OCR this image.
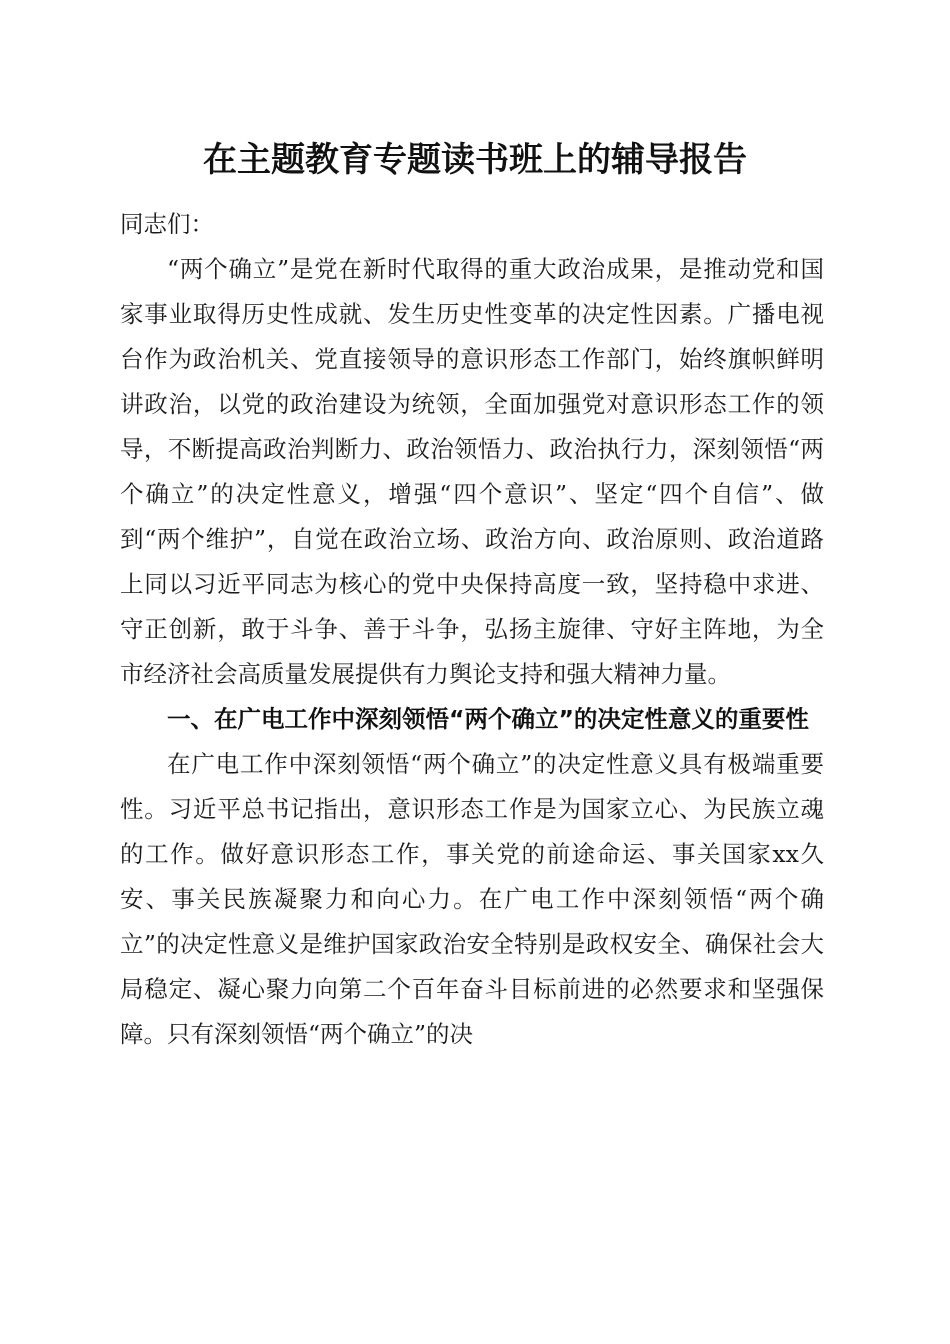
在主题教育专题读书班上的辅导报告

同志们：

“两个确立”是党在新时代取得的重大政治成果，是推动党和国家事业取得历史性成就、发生历史性变革的决定性因素。广播电视台作为政治机关、党直接领导的意识形态工作部门，始终旗帜鲜明讲政治，以党的政治建设为统领，全面加强党对意识形态工作的领导，不断提高政治判断力、政治领悟力、政治执行力，深刻领悟“两个确立”的决定性意义，增强“四个意识”、坚定“四个自信”、做到“两个维护”，自觉在政治立场、政治方向、政治原则、政治道路上同以习近平同志为核心的党中央保持高度一致，坚持稳中求进、守正创新，敢于斗争、善于斗争，弘扬主旋律、守好主阵地，为全市经济社会高质量发展提供有力舆论支持和强大精神力量。

一、在广电工作中深刻领悟“两个确立”的决定性意义的重要性

在广电工作中深刻领悟“两个确立”的决定性意义具有极端重要性。习近平总书记指出，意识形态工作是为国家立心、为民族立魂的工作。做好意识形态工作，事关党的前途命运、事关国家xx久安、事关民族凝聚力和向心力。在广电工作中深刻领悟“两个确立”的决定性意义是维护国家政治安全特别是政权安全、确保社会大局稳定、凝心聚力向第二个百年奋斗目标前进的必然要求和坚强保障。只有深刻领悟“两个确立”的决
